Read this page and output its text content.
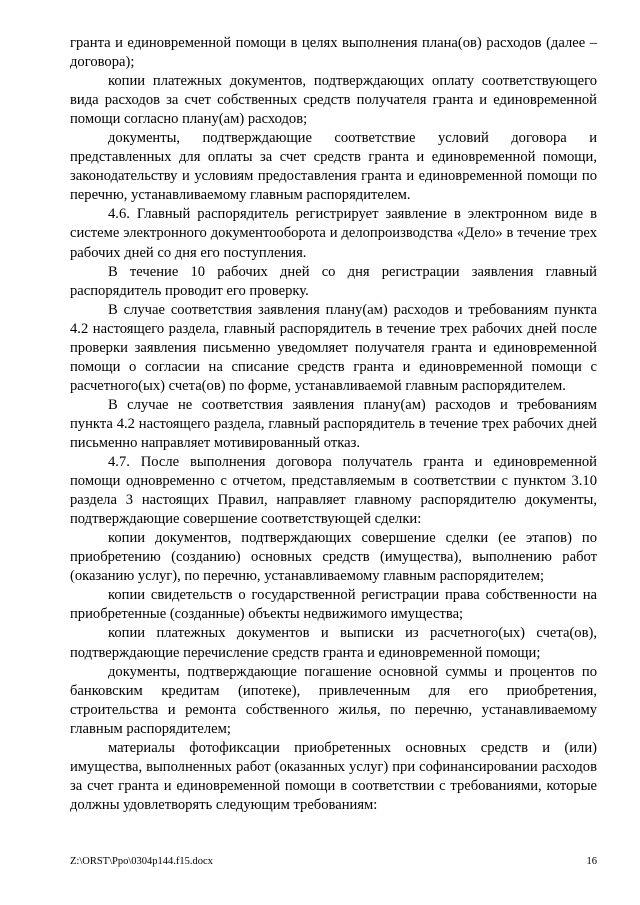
гранта и единовременной помощи в целях выполнения плана(ов) расходов (далее – договора);

копии платежных документов, подтверждающих оплату соответствующего вида расходов за счет собственных средств получателя гранта и единовременной помощи согласно плану(ам) расходов;

документы, подтверждающие соответствие условий договора и представленных для оплаты за счет средств гранта и единовременной помощи, законодательству и условиям предоставления гранта и единовременной помощи по перечню, устанавливаемому главным распорядителем.

4.6. Главный распорядитель регистрирует заявление в электронном виде в системе электронного документооборота и делопроизводства «Дело» в течение трех рабочих дней со дня его поступления.

В течение 10 рабочих дней со дня регистрации заявления главный распорядитель проводит его проверку.

В случае соответствия заявления плану(ам) расходов и требованиям пункта 4.2 настоящего раздела, главный распорядитель в течение трех рабочих дней после проверки заявления письменно уведомляет получателя гранта и единовременной помощи о согласии на списание средств гранта и единовременной помощи с расчетного(ых) счета(ов) по форме, устанавливаемой главным распорядителем.

В случае не соответствия заявления плану(ам) расходов и требованиям пункта 4.2 настоящего раздела, главный распорядитель в течение трех рабочих дней письменно направляет мотивированный отказ.

4.7. После выполнения договора получатель гранта и единовременной помощи одновременно с отчетом, представляемым в соответствии с пунктом 3.10 раздела 3 настоящих Правил, направляет главному распорядителю документы, подтверждающие совершение соответствующей сделки:

копии документов, подтверждающих совершение сделки (ее этапов) по приобретению (созданию) основных средств (имущества), выполнению работ (оказанию услуг), по перечню, устанавливаемому главным распорядителем;

копии свидетельств о государственной регистрации права собственности на приобретенные (созданные) объекты недвижимого имущества;

копии платежных документов и выписки из расчетного(ых) счета(ов), подтверждающие перечисление средств гранта и единовременной помощи;

документы, подтверждающие погашение основной суммы и процентов по банковским кредитам (ипотеке), привлеченным для его приобретения, строительства и ремонта собственного жилья, по перечню, устанавливаемому главным распорядителем;

материалы фотофиксации приобретенных основных средств и (или) имущества, выполненных работ (оказанных услуг) при софинансировании расходов за счет гранта и единовременной помощи в соответствии с требованиями, которые должны удовлетворять следующим требованиям:

Z:\ORST\Ppo\0304p144.f15.docx	16
